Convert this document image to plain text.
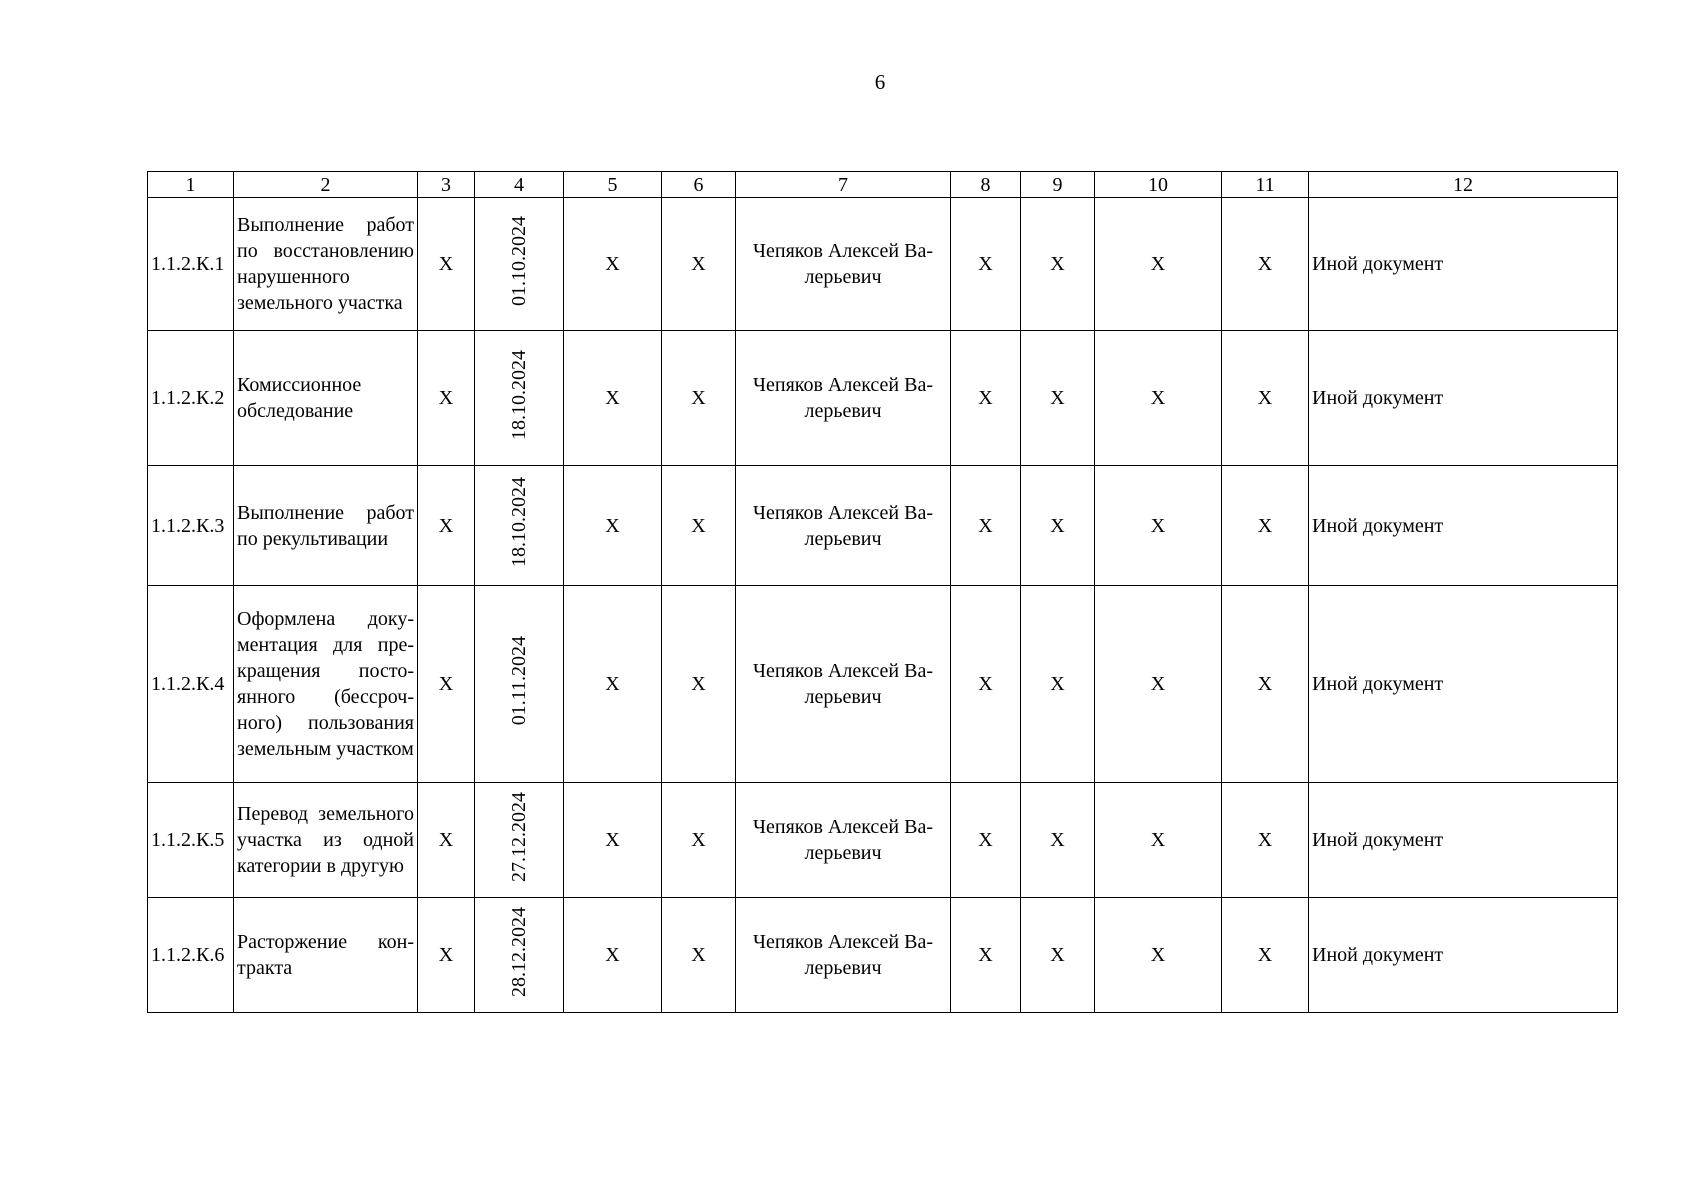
6
1	2	3	4	5	6	7	8	9	10	11	12
1.1.2.К.1	Выполнение работ по восстановлению нарушенного земельного участка	X	01.10.2024	X	X	Чепяков Алексей Валерьевич	X	X	X	X	Иной документ
1.1.2.К.2	Комиссионное обследование	X	18.10.2024	X	X	Чепяков Алексей Валерьевич	X	X	X	X	Иной документ
1.1.2.К.3	Выполнение работ по рекультивации	X	18.10.2024	X	X	Чепяков Алексей Валерьевич	X	X	X	X	Иной документ
1.1.2.К.4	Оформлена документация для прекращения постоянного (бессрочного) пользования земельным участком	X	01.11.2024	X	X	Чепяков Алексей Валерьевич	X	X	X	X	Иной документ
1.1.2.К.5	Перевод земельного участка из одной категории в другую	X	27.12.2024	X	X	Чепяков Алексей Валерьевич	X	X	X	X	Иной документ
1.1.2.К.6	Расторжение контракта	X	28.12.2024	X	X	Чепяков Алексей Валерьевич	X	X	X	X	Иной документ
